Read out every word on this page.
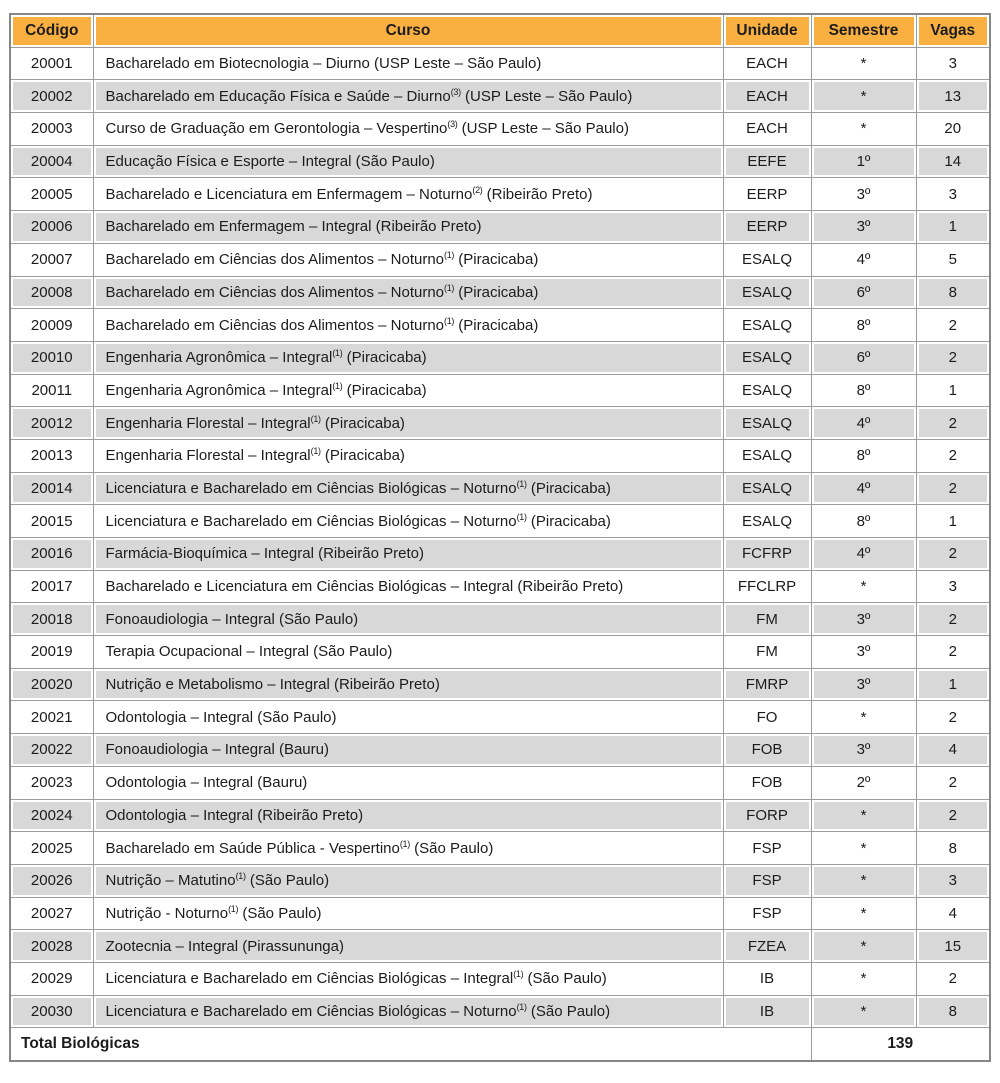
Código	Curso	Unidade	Semestre	Vagas
20001	Bacharelado em Biotecnologia – Diurno (USP Leste – São Paulo)	EACH	*	3
20002	Bacharelado em Educação Física e Saúde – Diurno$^{(3)}$ (USP Leste – São Paulo)	EACH	*	13
20003	Curso de Graduação em Gerontologia – Vespertino$^{(3)}$ (USP Leste – São Paulo)	EACH	*	20
20004	Educação Física e Esporte – Integral (São Paulo)	EEFE	1º	14
20005	Bacharelado e Licenciatura em Enfermagem – Noturno$^{(2)}$ (Ribeirão Preto)	EERP	3º	3
20006	Bacharelado em Enfermagem – Integral (Ribeirão Preto)	EERP	3º	1
20007	Bacharelado em Ciências dos Alimentos – Noturno$^{(1)}$ (Piracicaba)	ESALQ	4º	5
20008	Bacharelado em Ciências dos Alimentos – Noturno$^{(1)}$ (Piracicaba)	ESALQ	6º	8
20009	Bacharelado em Ciências dos Alimentos – Noturno$^{(1)}$ (Piracicaba)	ESALQ	8º	2
20010	Engenharia Agronômica – Integral$^{(1)}$ (Piracicaba)	ESALQ	6º	2
20011	Engenharia Agronômica – Integral$^{(1)}$ (Piracicaba)	ESALQ	8º	1
20012	Engenharia Florestal – Integral$^{(1)}$ (Piracicaba)	ESALQ	4º	2
20013	Engenharia Florestal – Integral$^{(1)}$ (Piracicaba)	ESALQ	8º	2
20014	Licenciatura e Bacharelado em Ciências Biológicas – Noturno$^{(1)}$ (Piracicaba)	ESALQ	4º	2
20015	Licenciatura e Bacharelado em Ciências Biológicas – Noturno$^{(1)}$ (Piracicaba)	ESALQ	8º	1
20016	Farmácia-Bioquímica – Integral (Ribeirão Preto)	FCFRP	4º	2
20017	Bacharelado e Licenciatura em Ciências Biológicas – Integral (Ribeirão Preto)	FFCLRP	*	3
20018	Fonoaudiologia – Integral (São Paulo)	FM	3º	2
20019	Terapia Ocupacional – Integral (São Paulo)	FM	3º	2
20020	Nutrição e Metabolismo – Integral (Ribeirão Preto)	FMRP	3º	1
20021	Odontologia – Integral (São Paulo)	FO	*	2
20022	Fonoaudiologia – Integral (Bauru)	FOB	3º	4
20023	Odontologia – Integral (Bauru)	FOB	2º	2
20024	Odontologia – Integral (Ribeirão Preto)	FORP	*	2
20025	Bacharelado em Saúde Pública - Vespertino$^{(1)}$ (São Paulo)	FSP	*	8
20026	Nutrição – Matutino$^{(1)}$ (São Paulo)	FSP	*	3
20027	Nutrição - Noturno$^{(1)}$ (São Paulo)	FSP	*	4
20028	Zootecnia – Integral (Pirassununga)	FZEA	*	15
20029	Licenciatura e Bacharelado em Ciências Biológicas – Integral$^{(1)}$ (São Paulo)	IB	*	2
20030	Licenciatura e Bacharelado em Ciências Biológicas – Noturno$^{(1)}$ (São Paulo)	IB	*	8
Total Biológicas			139	
